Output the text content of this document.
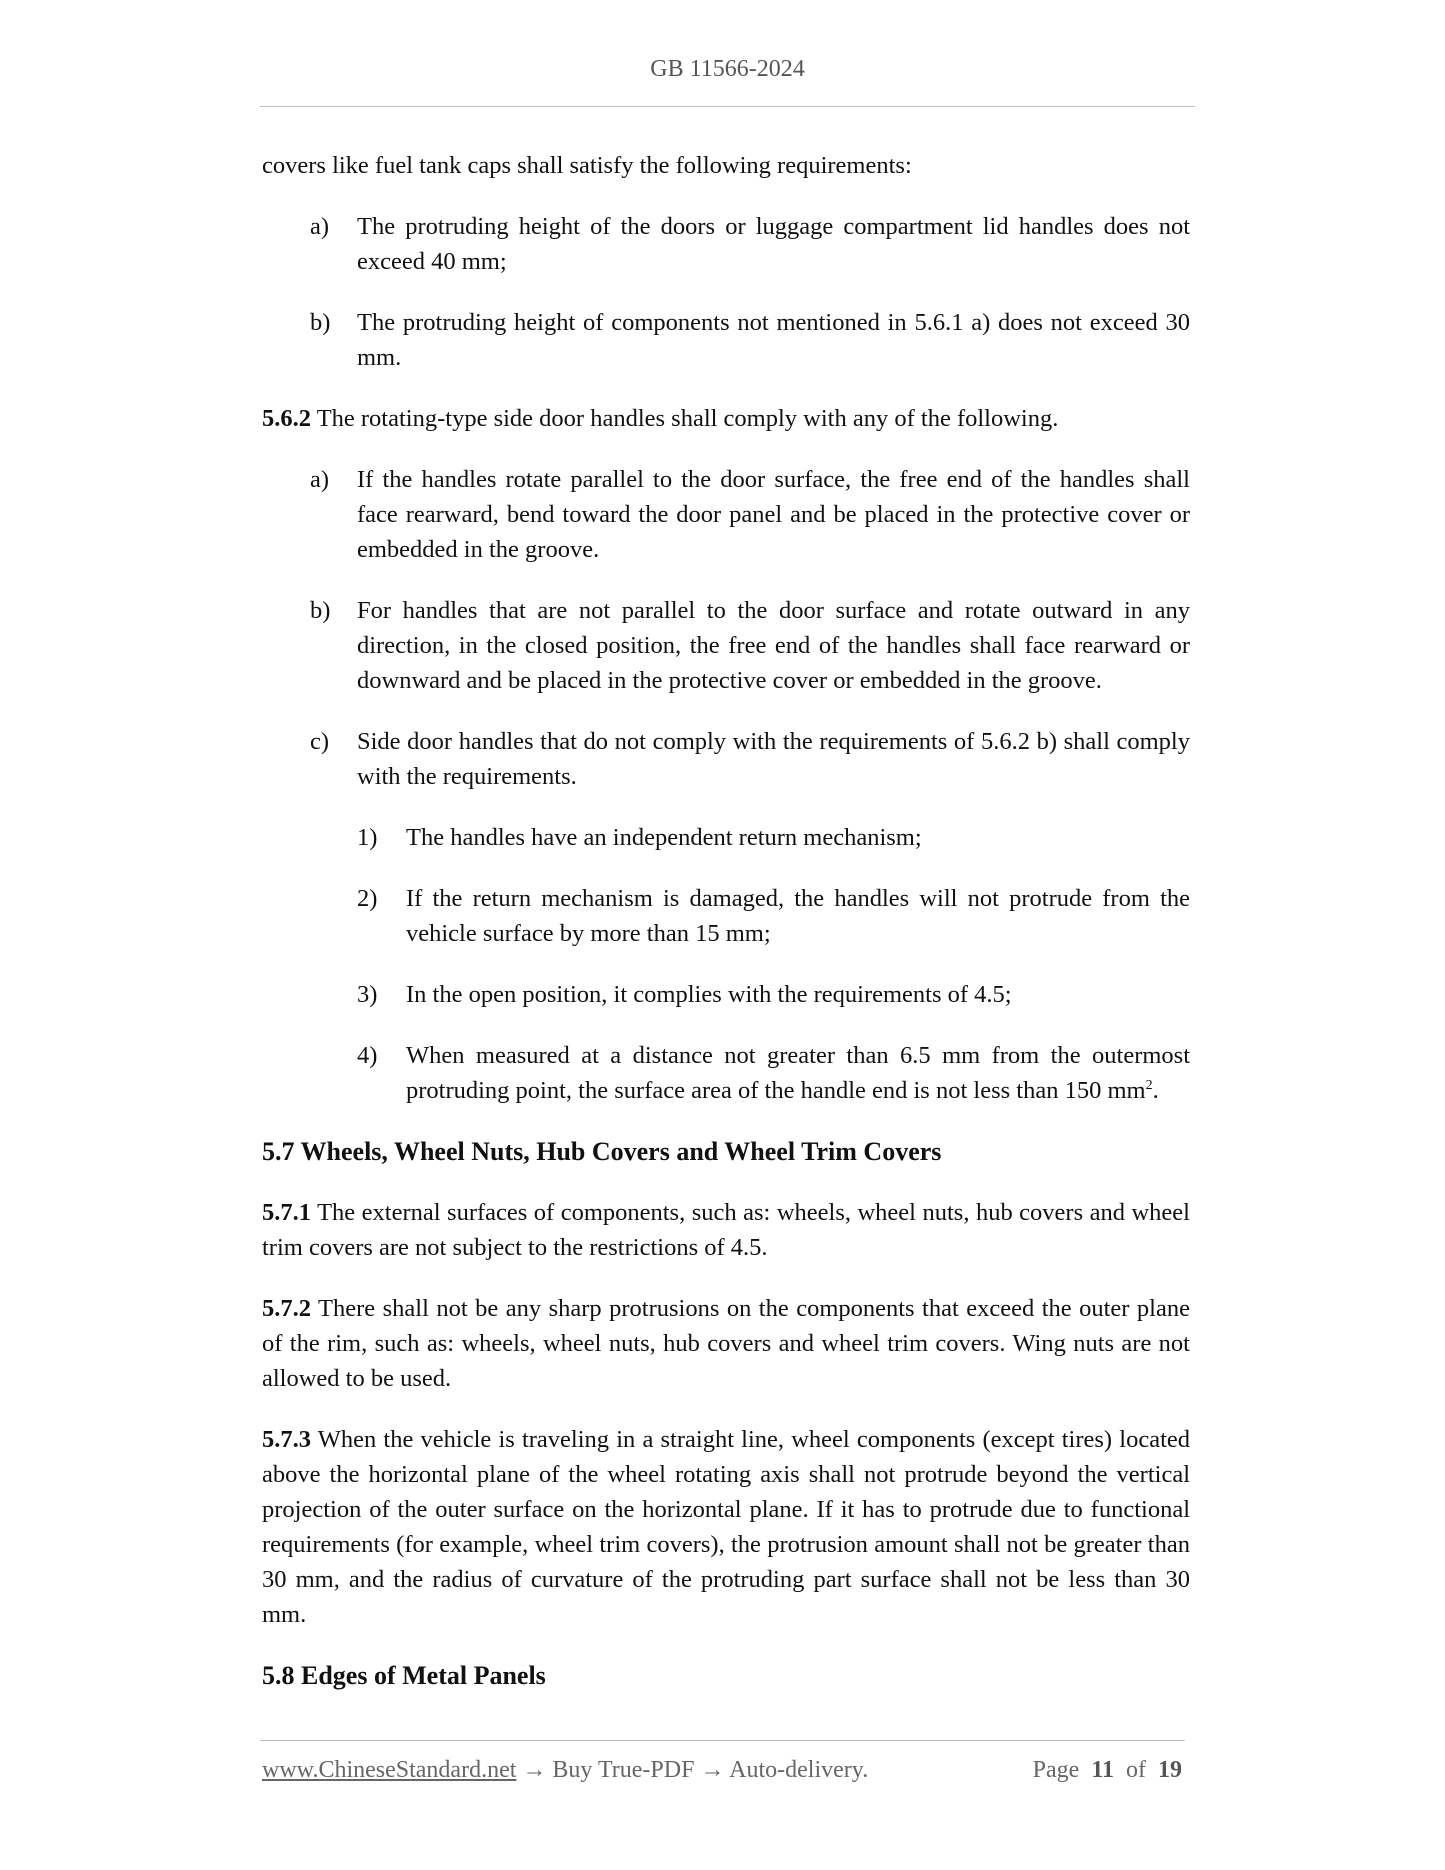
GB 11566-2024

covers like fuel tank caps shall satisfy the following requirements:

a) The protruding height of the doors or luggage compartment lid handles does not exceed 40 mm;
b) The protruding height of components not mentioned in 5.6.1 a) does not exceed 30 mm.

5.6.2 The rotating-type side door handles shall comply with any of the following.

a) If the handles rotate parallel to the door surface, the free end of the handles shall face rearward, bend toward the door panel and be placed in the protective cover or embedded in the groove.
b) For handles that are not parallel to the door surface and rotate outward in any direction, in the closed position, the free end of the handles shall face rearward or downward and be placed in the protective cover or embedded in the groove.
c) Side door handles that do not comply with the requirements of 5.6.2 b) shall comply with the requirements.
1) The handles have an independent return mechanism;
2) If the return mechanism is damaged, the handles will not protrude from the vehicle surface by more than 15 mm;
3) In the open position, it complies with the requirements of 4.5;
4) When measured at a distance not greater than 6.5 mm from the outermost protruding point, the surface area of the handle end is not less than 150 $mm^2$.
5.7 Wheels, Wheel Nuts, Hub Covers and Wheel Trim Covers

5.7.1 The external surfaces of components, such as: wheels, wheel nuts, hub covers and wheel trim covers are not subject to the restrictions of 4.5.

5.7.2 There shall not be any sharp protrusions on the components that exceed the outer plane of the rim, such as: wheels, wheel nuts, hub covers and wheel trim covers. Wing nuts are not allowed to be used.

5.7.3 When the vehicle is traveling in a straight line, wheel components (except tires) located above the horizontal plane of the wheel rotating axis shall not protrude beyond the vertical projection of the outer surface on the horizontal plane. If it has to protrude due to functional requirements (for example, wheel trim covers), the protrusion amount shall not be greater than 30 mm, and the radius of curvature of the protruding part surface shall not be less than 30 mm.

5.8 Edges of Metal Panels
www.ChineseStandard.net → Buy True-PDF → Auto-delivery.	Page 11 of 19
